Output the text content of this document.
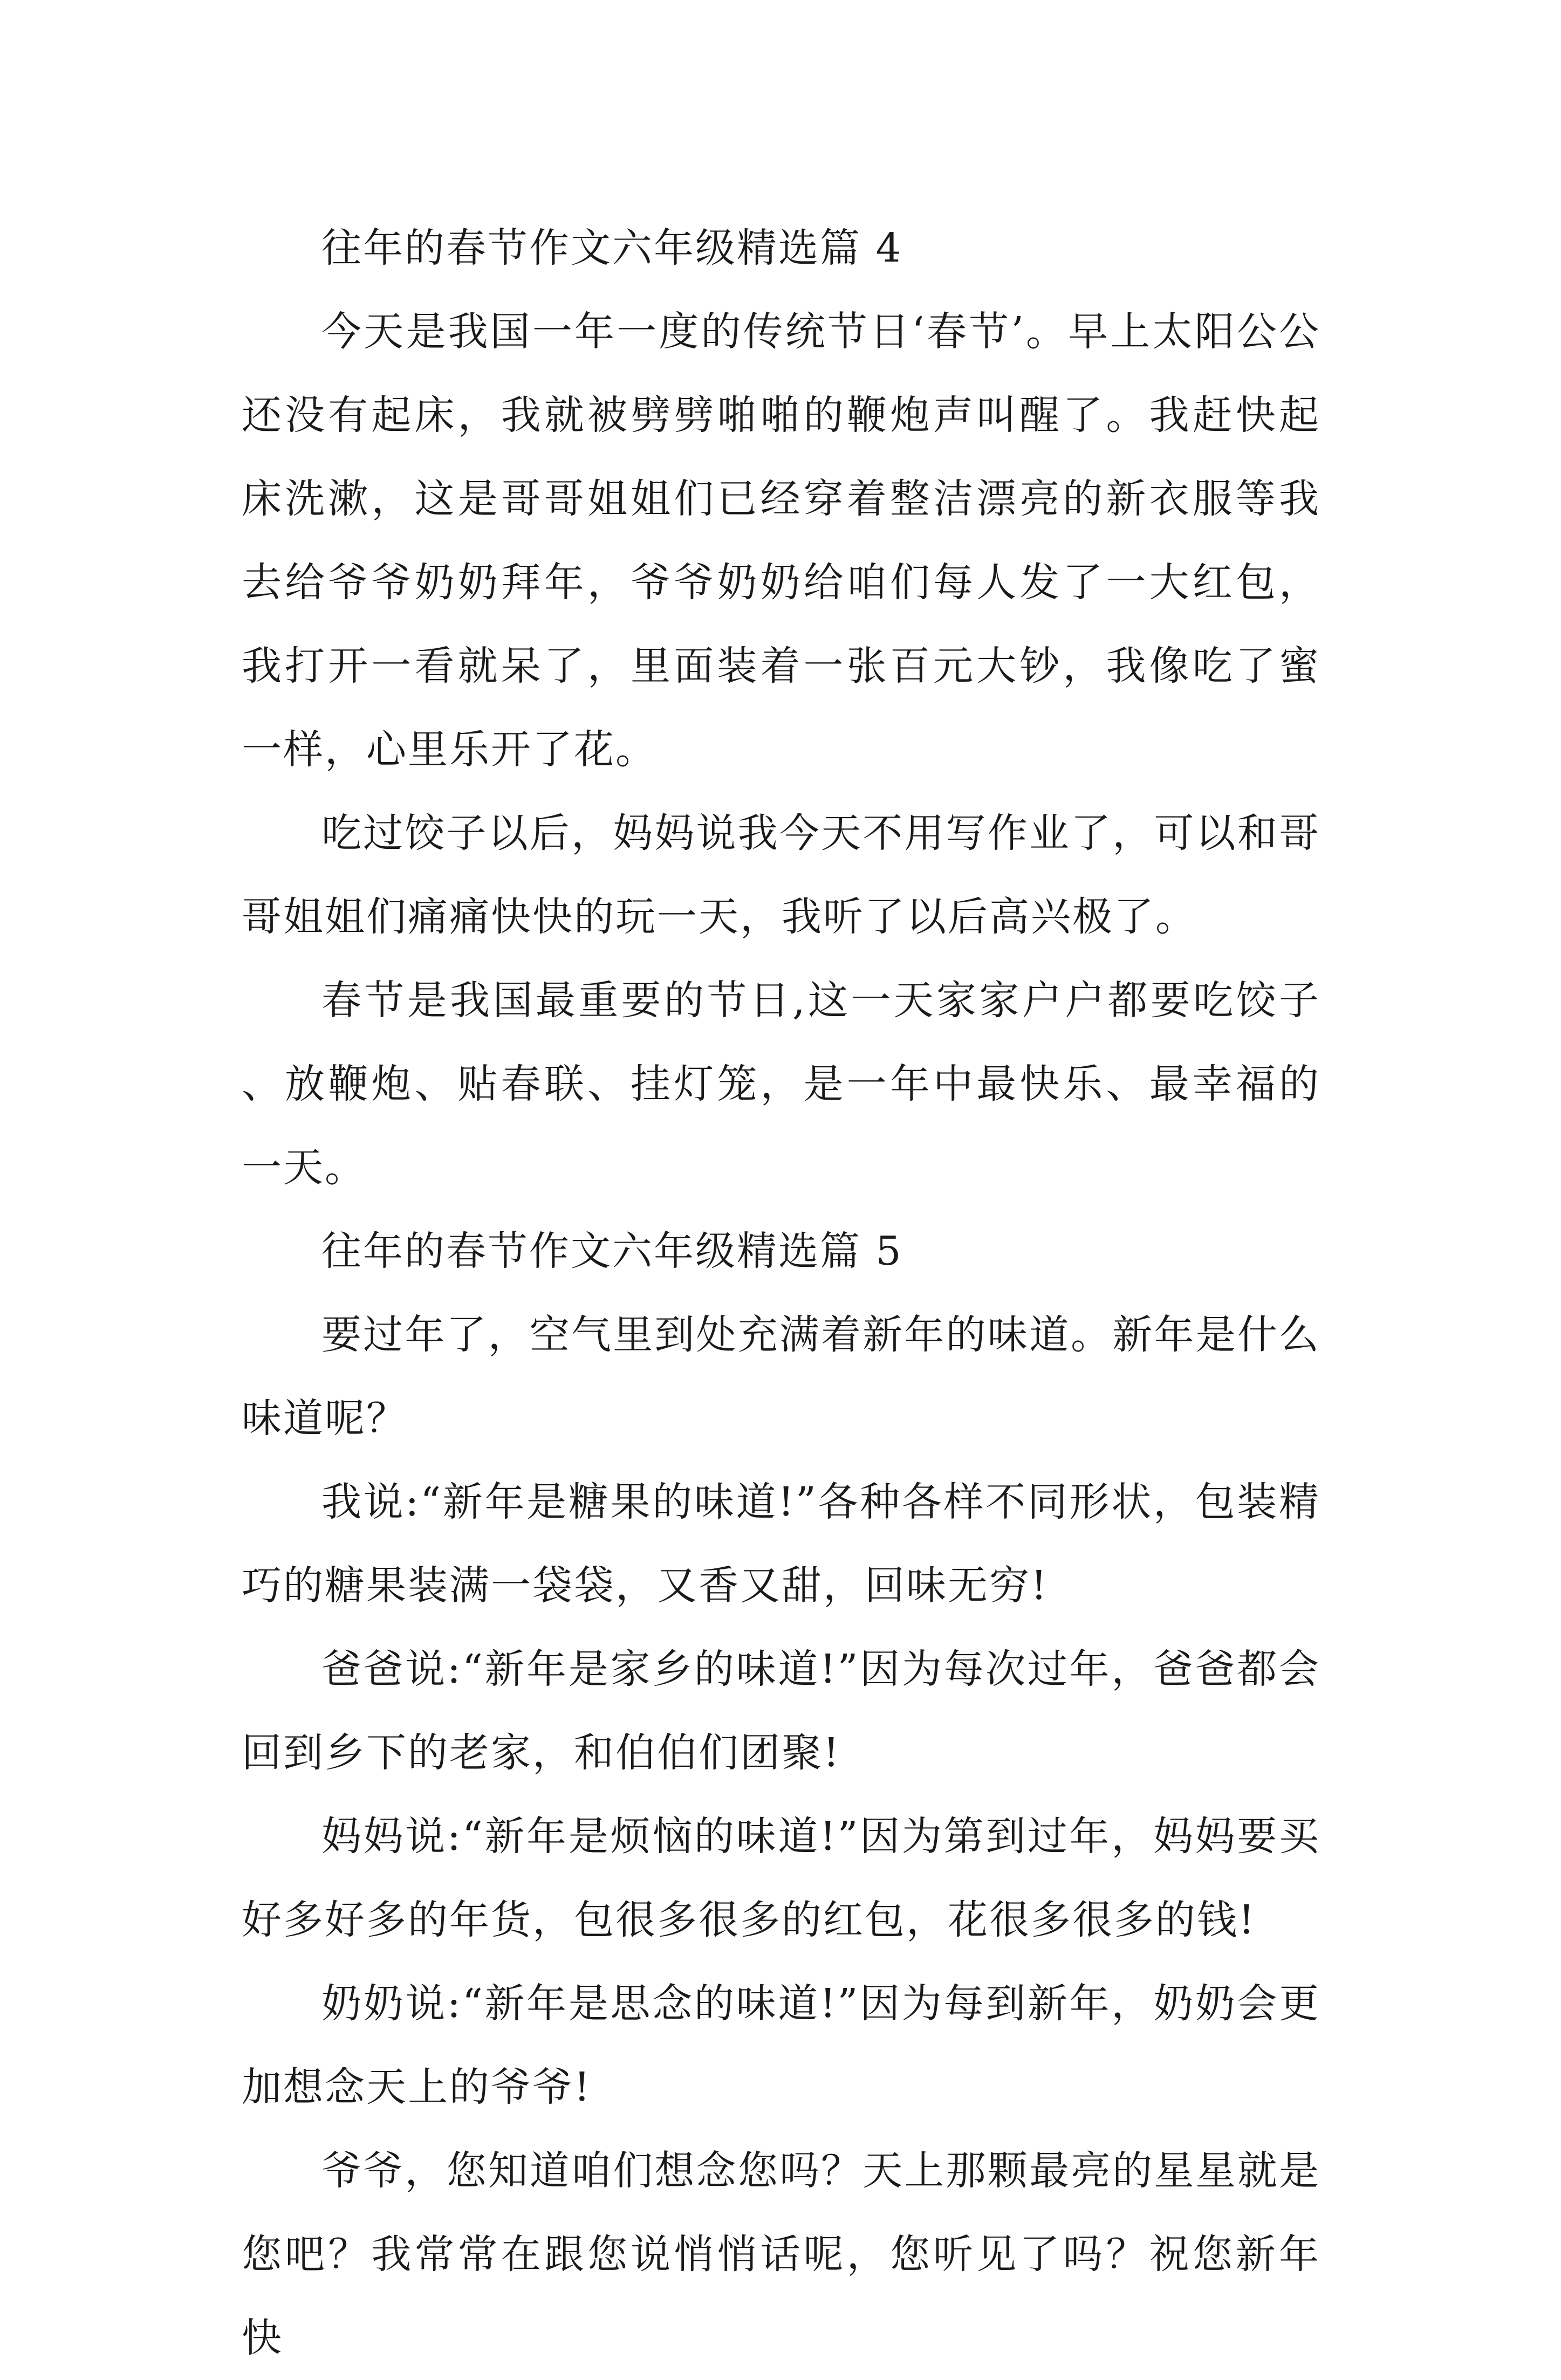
往年的春节作文六年级精选篇 4

今天是我国一年一度的传统节日‘春节’。早上太阳公公还没有起床，我就被劈劈啪啪的鞭炮声叫醒了。我赶快起床洗漱，这是哥哥姐姐们已经穿着整洁漂亮的新衣服等我去给爷爷奶奶拜年，爷爷奶奶给咱们每人发了一大红包，我打开一看就呆了，里面装着一张百元大钞，我像吃了蜜一样，心里乐开了花。

吃过饺子以后，妈妈说我今天不用写作业了，可以和哥哥姐姐们痛痛快快的玩一天，我听了以后高兴极了。

春节是我国最重要的节日,这一天家家户户都要吃饺子、放鞭炮、贴春联、挂灯笼，是一年中最快乐、最幸福的一天。

往年的春节作文六年级精选篇 5

要过年了，空气里到处充满着新年的味道。新年是什么味道呢？

我说:“新年是糖果的味道!”各种各样不同形状，包装精巧的糖果装满一袋袋，又香又甜，回味无穷!

爸爸说:“新年是家乡的味道!”因为每次过年，爸爸都会回到乡下的老家，和伯伯们团聚!

妈妈说:“新年是烦恼的味道!”因为第到过年，妈妈要买好多好多的年货，包很多很多的红包，花很多很多的钱!

奶奶说:“新年是思念的味道!”因为每到新年，奶奶会更加想念天上的爷爷!

爷爷，您知道咱们想念您吗？天上那颗最亮的星星就是您吧？我常常在跟您说悄悄话呢，您听见了吗？祝您新年快
